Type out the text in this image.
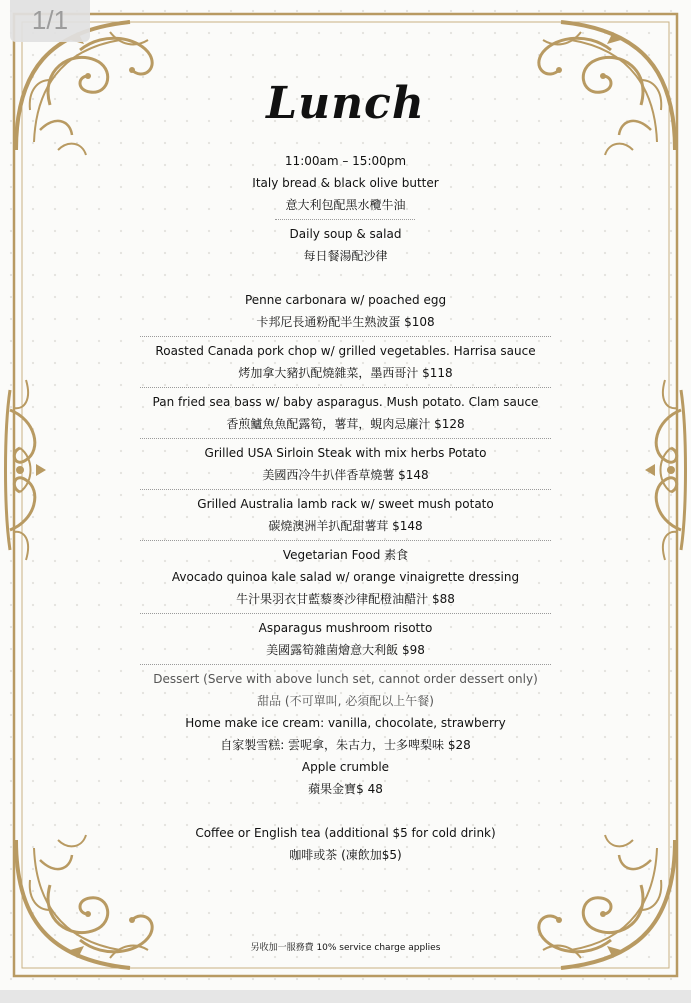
Lunch
11:00am – 15:00pm
Italy bread & black olive butter
意大利包配黑水欖牛油
Daily soup & salad
每日餐湯配沙律
Penne carbonara w/ poached egg
卡邦尼長通粉配半生熟波蛋 $108
Roasted Canada pork chop w/ grilled vegetables. Harrisa sauce
烤加拿大豬扒配燒雜菜，墨西哥汁 $118
Pan fried sea bass w/ baby asparagus. Mush potato. Clam sauce
香煎鱸魚魚配露筍，薯茸，蜆肉忌廉汁 $128
Grilled USA Sirloin Steak with mix herbs Potato
美國西冷牛扒伴香草燒薯 $148
Grilled Australia lamb rack w/ sweet mush potato
碳燒澳洲羊扒配甜薯茸 $148
Vegetarian Food 素食
Avocado quinoa kale salad w/ orange vinaigrette dressing
牛汁果羽衣甘藍藜麥沙律配橙油醋汁 $88
Asparagus mushroom risotto
美國露筍雜菌燴意大利飯 $98
Dessert (Serve with above lunch set, cannot order dessert only)
甜品 (不可單叫, 必須配以上午餐)
Home make ice cream: vanilla, chocolate, strawberry
自家製雪糕: 雲呢拿，朱古力，士多啤梨味 $28
Apple crumble
蘋果金寶$ 48
Coffee or English tea (additional $5 for cold drink)
咖啡或茶 (凍飲加$5)
另收加一服務費 10% service charge applies
1/1
